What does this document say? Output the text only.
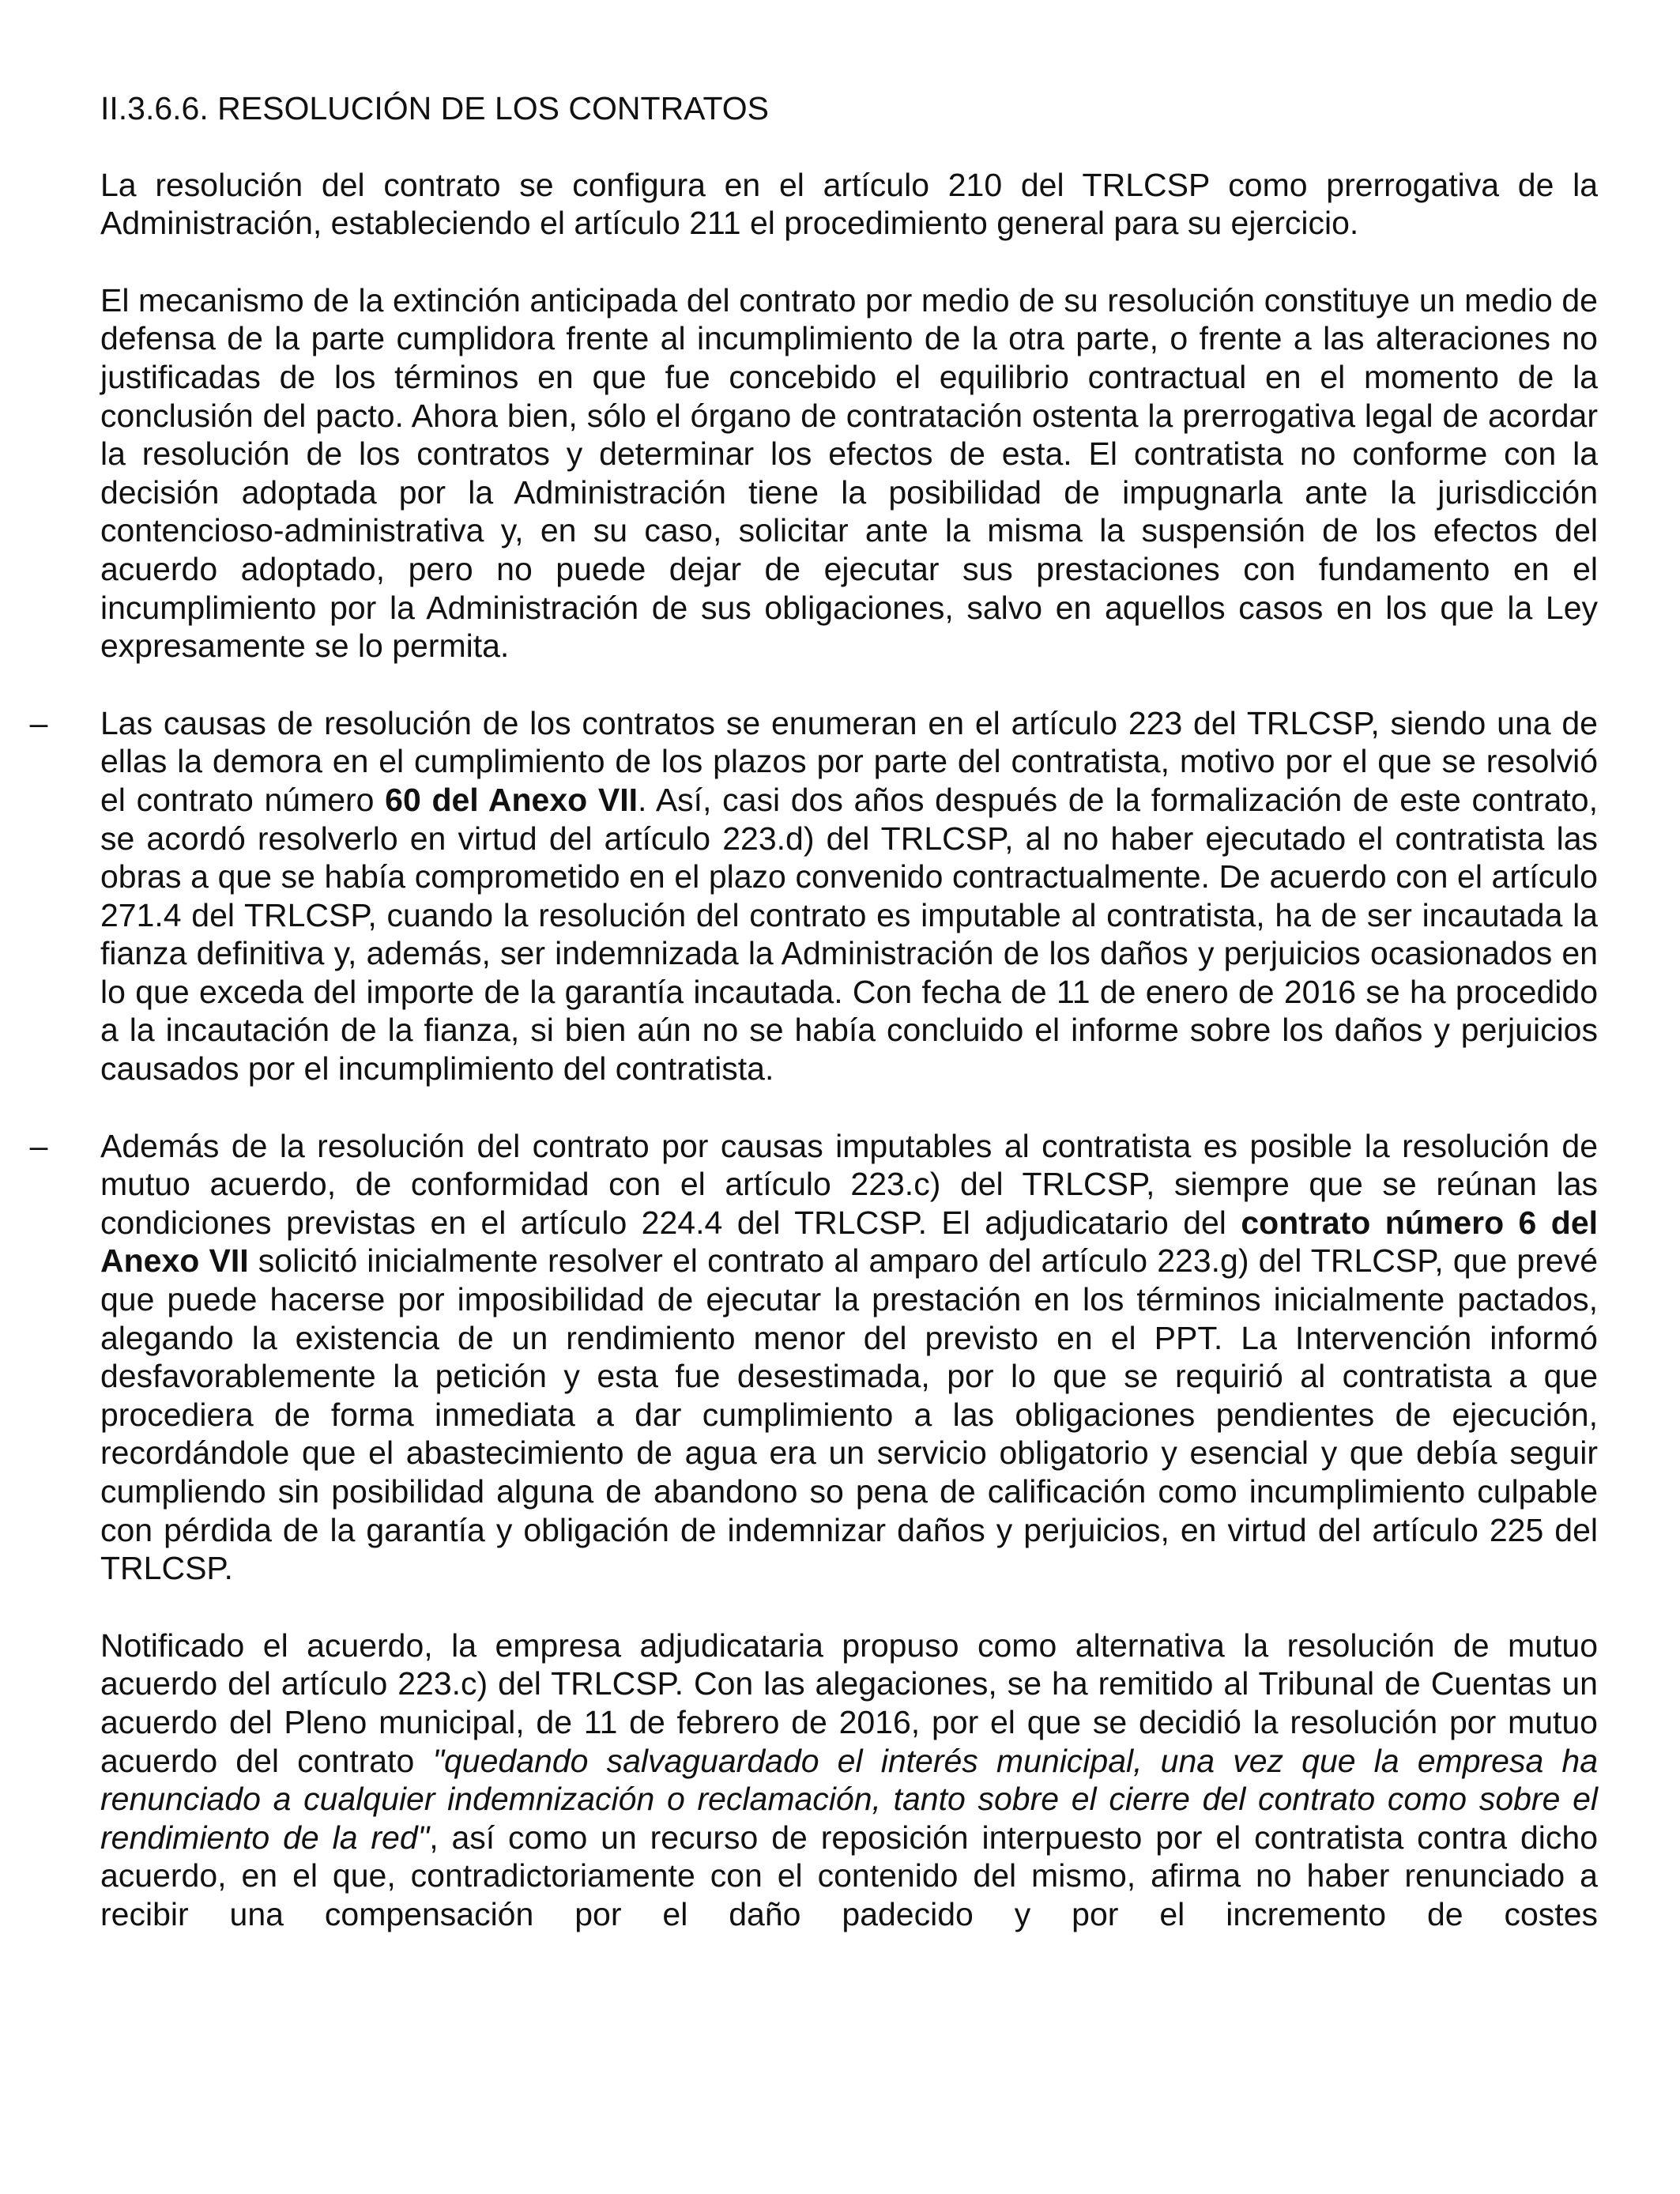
II.3.6.6. RESOLUCIÓN DE LOS CONTRATOS

La resolución del contrato se configura en el artículo 210 del TRLCSP como prerrogativa de la Administración, estableciendo el artículo 211 el procedimiento general para su ejercicio.

El mecanismo de la extinción anticipada del contrato por medio de su resolución constituye un medio de defensa de la parte cumplidora frente al incumplimiento de la otra parte, o frente a las alteraciones no justificadas de los términos en que fue concebido el equilibrio contractual en el momento de la conclusión del pacto. Ahora bien, sólo el órgano de contratación ostenta la prerrogativa legal de acordar la resolución de los contratos y determinar los efectos de esta. El contratista no conforme con la decisión adoptada por la Administración tiene la posibilidad de impugnarla ante la jurisdicción contencioso-administrativa y, en su caso, solicitar ante la misma la suspensión de los efectos del acuerdo adoptado, pero no puede dejar de ejecutar sus prestaciones con fundamento en el incumplimiento por la Administración de sus obligaciones, salvo en aquellos casos en los que la Ley expresamente se lo permita.

– Las causas de resolución de los contratos se enumeran en el artículo 223 del TRLCSP, siendo una de ellas la demora en el cumplimiento de los plazos por parte del contratista, motivo por el que se resolvió el contrato número 60 del Anexo VII. Así, casi dos años después de la formalización de este contrato, se acordó resolverlo en virtud del artículo 223.d) del TRLCSP, al no haber ejecutado el contratista las obras a que se había comprometido en el plazo convenido contractualmente. De acuerdo con el artículo 271.4 del TRLCSP, cuando la resolución del contrato es imputable al contratista, ha de ser incautada la fianza definitiva y, además, ser indemnizada la Administración de los daños y perjuicios ocasionados en lo que exceda del importe de la garantía incautada. Con fecha de 11 de enero de 2016 se ha procedido a la incautación de la fianza, si bien aún no se había concluido el informe sobre los daños y perjuicios causados por el incumplimiento del contratista.
– Además de la resolución del contrato por causas imputables al contratista es posible la resolución de mutuo acuerdo, de conformidad con el artículo 223.c) del TRLCSP, siempre que se reúnan las condiciones previstas en el artículo 224.4 del TRLCSP. El adjudicatario del contrato número 6 del Anexo VII solicitó inicialmente resolver el contrato al amparo del artículo 223.g) del TRLCSP, que prevé que puede hacerse por imposibilidad de ejecutar la prestación en los términos inicialmente pactados, alegando la existencia de un rendimiento menor del previsto en el PPT. La Intervención informó desfavorablemente la petición y esta fue desestimada, por lo que se requirió al contratista a que procediera de forma inmediata a dar cumplimiento a las obligaciones pendientes de ejecución, recordándole que el abastecimiento de agua era un servicio obligatorio y esencial y que debía seguir cumpliendo sin posibilidad alguna de abandono so pena de calificación como incumplimiento culpable con pérdida de la garantía y obligación de indemnizar daños y perjuicios, en virtud del artículo 225 del TRLCSP.

Notificado el acuerdo, la empresa adjudicataria propuso como alternativa la resolución de mutuo acuerdo del artículo 223.c) del TRLCSP. Con las alegaciones, se ha remitido al Tribunal de Cuentas un acuerdo del Pleno municipal, de 11 de febrero de 2016, por el que se decidió la resolución por mutuo acuerdo del contrato "quedando salvaguardado el interés municipal, una vez que la empresa ha renunciado a cualquier indemnización o reclamación, tanto sobre el cierre del contrato como sobre el rendimiento de la red", así como un recurso de reposición interpuesto por el contratista contra dicho acuerdo, en el que, contradictoriamente con el contenido del mismo, afirma no haber renunciado a recibir una compensación por el daño padecido y por el incremento de costes
